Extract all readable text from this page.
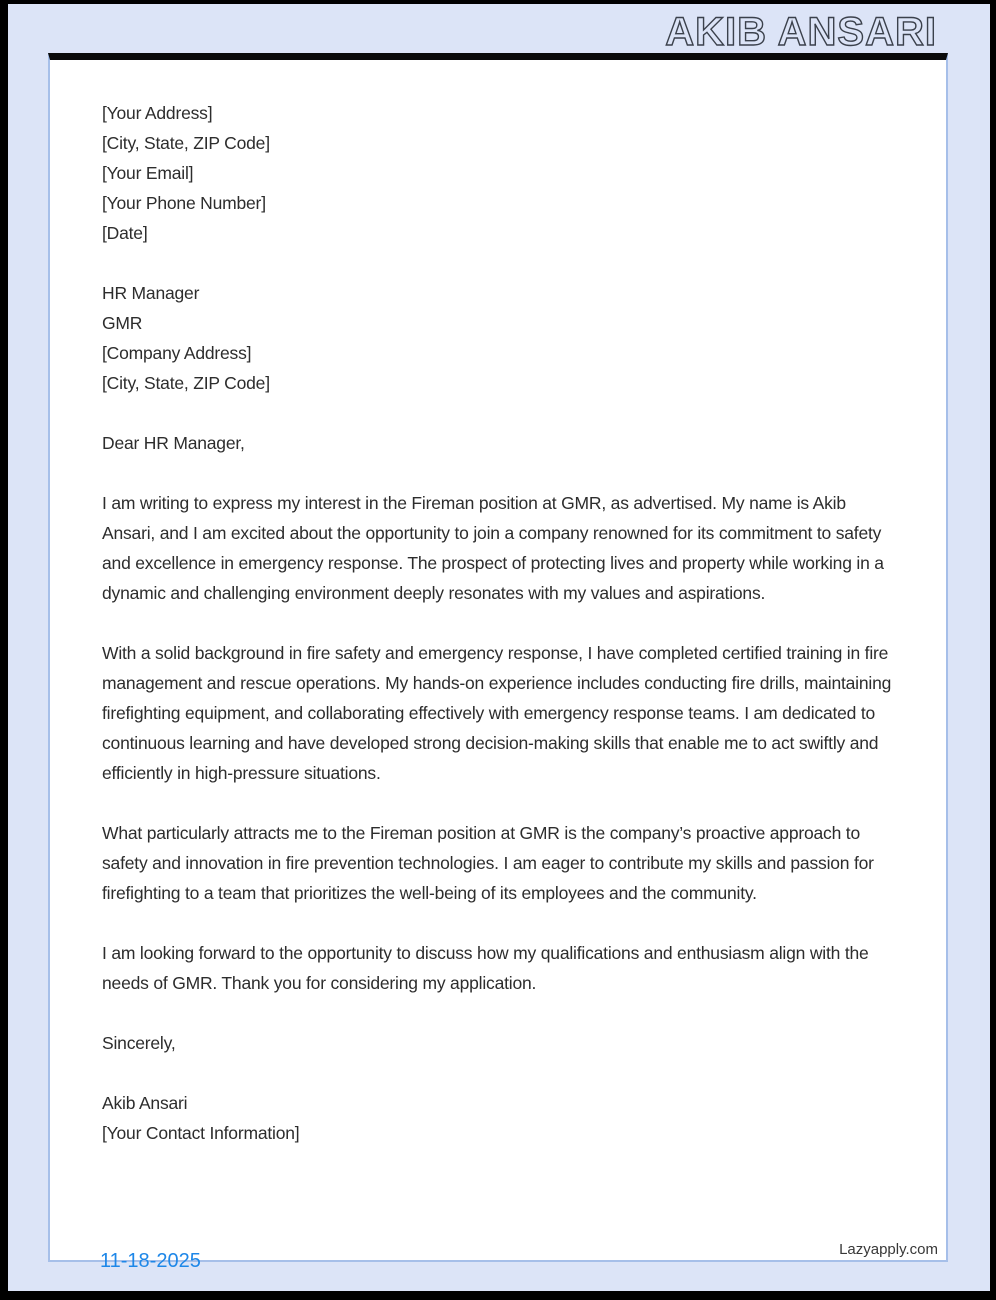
AKIB ANSARI
[Your Address]
[City, State, ZIP Code]
[Your Email]
[Your Phone Number]
[Date]
HR Manager
GMR
[Company Address]
[City, State, ZIP Code]
Dear HR Manager,
I am writing to express my interest in the Fireman position at GMR, as advertised. My name is Akib Ansari, and I am excited about the opportunity to join a company renowned for its commitment to safety and excellence in emergency response. The prospect of protecting lives and property while working in a dynamic and challenging environment deeply resonates with my values and aspirations.
With a solid background in fire safety and emergency response, I have completed certified training in fire management and rescue operations. My hands-on experience includes conducting fire drills, maintaining firefighting equipment, and collaborating effectively with emergency response teams. I am dedicated to continuous learning and have developed strong decision-making skills that enable me to act swiftly and efficiently in high-pressure situations.
What particularly attracts me to the Fireman position at GMR is the company’s proactive approach to safety and innovation in fire prevention technologies. I am eager to contribute my skills and passion for firefighting to a team that prioritizes the well-being of its employees and the community.
I am looking forward to the opportunity to discuss how my qualifications and enthusiasm align with the needs of GMR. Thank you for considering my application.
Sincerely,
Akib Ansari
[Your Contact Information]
Lazyapply.com
11-18-2025
